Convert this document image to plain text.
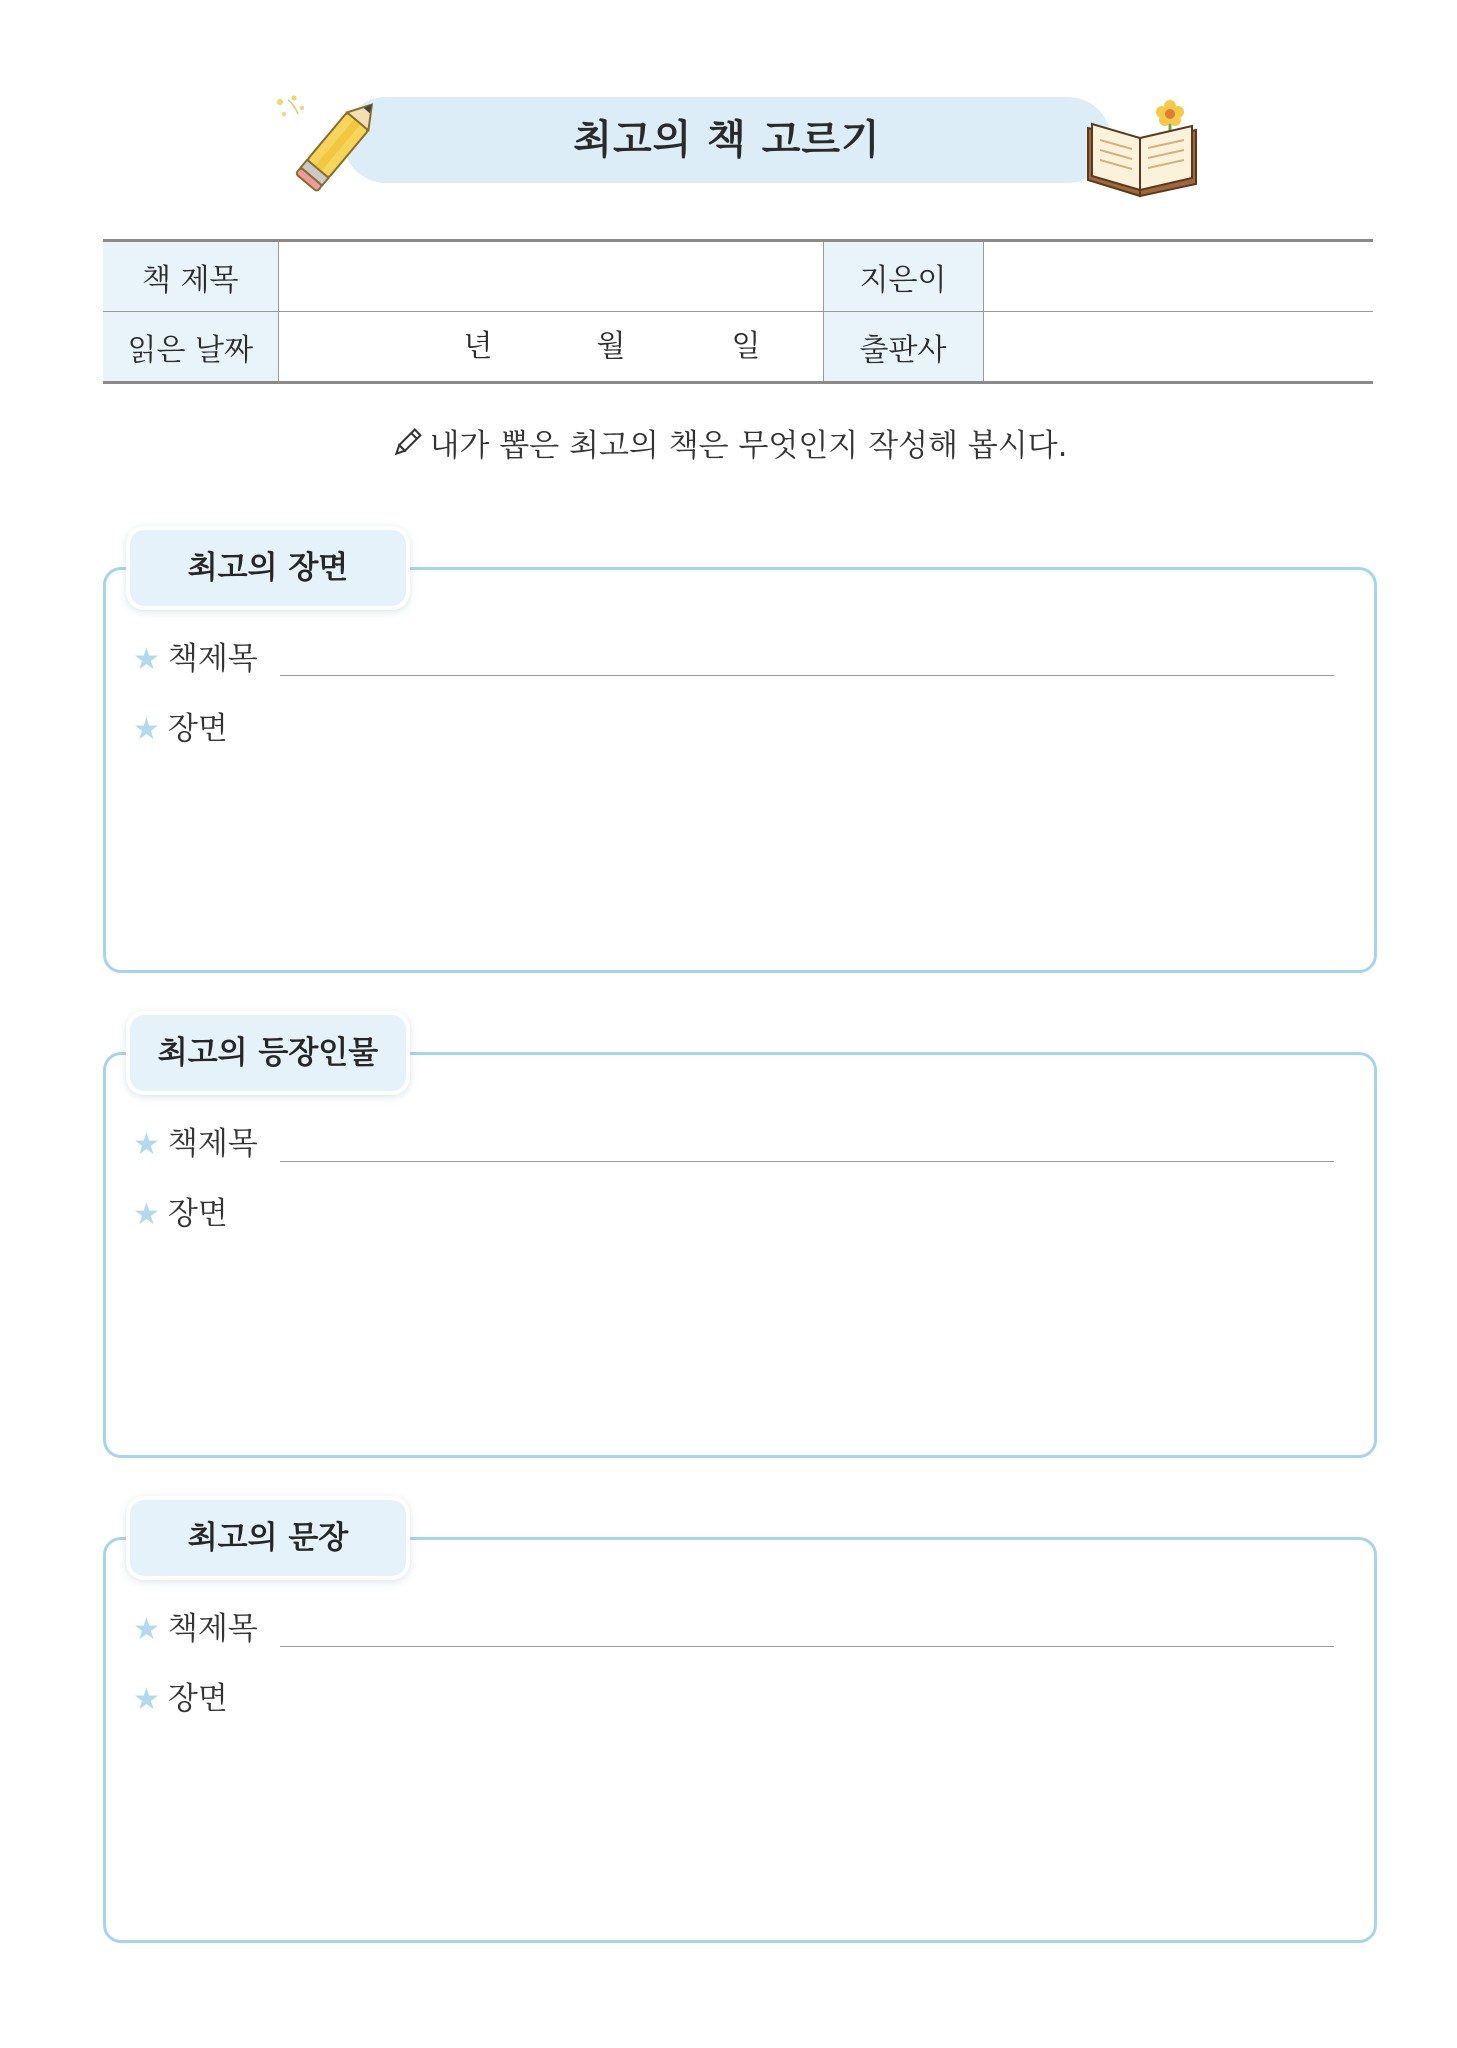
최고의 책 고르기
책 제목		지은이	
읽은 날짜	년 월 일	출판사	
내가 뽑은 최고의 책은 무엇인지 작성해 봅시다.
최고의 장면
★ 책제목
★ 장면
최고의 등장인물
★ 책제목
★ 장면
최고의 문장
★ 책제목
★ 장면
